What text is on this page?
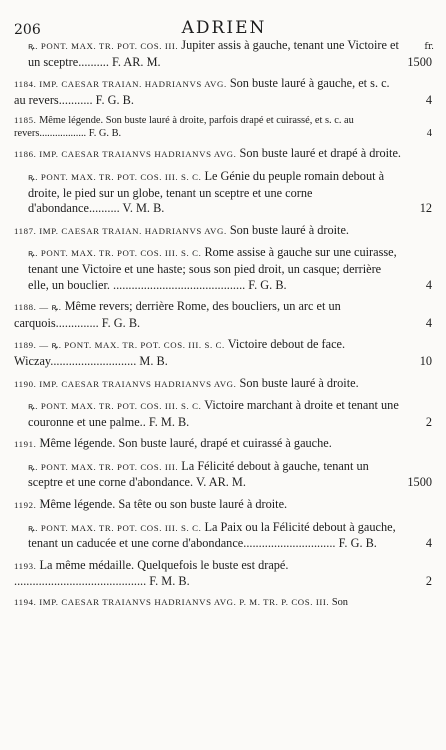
206	ADRIEN
fr.
ꝶ. PONT. MAX. TR. POT. COS. III. Jupiter assis à gauche, tenant une Victoire et un sceptre.......... F. AR. M.	1500
1184. IMP. CAESAR TRAIAN. HADRIANVS AVG. Son buste lauré à gauche, et s. c. au revers........... F. G. B.	4
1185. Même légende. Son buste lauré à droite, parfois drapé et cuirassé, et s. c. au revers.................. F. G. B.	4
1186. IMP. CAESAR TRAIANVS HADRIANVS AVG. Son buste lauré et drapé à droite.
ꝶ. PONT. MAX. TR. POT. COS. III. S. C. Le Génie du peuple romain debout à droite, le pied sur un globe, tenant un sceptre et une corne d'abondance.......... V. M. B.	12
1187. IMP. CAESAR TRAIAN. HADRIANVS AVG. Son buste lauré à droite.
ꝶ. PONT. MAX. TR. POT. COS. III. S. C. Rome assise à gauche sur une cuirasse, tenant une Victoire et une haste; sous son pied droit, un casque; derrière elle, un bouclier. ........................................... F. G. B.	4
1188. — ꝶ. Même revers; derrière Rome, des boucliers, un arc et un carquois.............. F. G. B.	4
1189. — ꝶ. PONT. MAX. TR. POT. COS. III. S. C. Victoire debout de face. Wiczay............................ M. B.	10
1190. IMP. CAESAR TRAIANVS HADRIANVS AVG. Son buste lauré à droite.
ꝶ. PONT. MAX. TR. POT. COS. III. S. C. Victoire marchant à droite et tenant une couronne et une palme.. F. M. B.	2
1191. Même légende. Son buste lauré, drapé et cuirassé à gauche.
ꝶ. PONT. MAX. TR. POT. COS. III. La Félicité debout à gauche, tenant un sceptre et une corne d'abondance. V. AR. M.	1500
1192. Même légende. Sa tête ou son buste lauré à droite.
ꝶ. PONT. MAX. TR. POT. COS. III. S. C. La Paix ou la Félicité debout à gauche, tenant un caducée et une corne d'abondance.............................. F. G. B.	4
1193. La même médaille. Quelquefois le buste est drapé. ........................................... F. M. B.	2
1194. IMP. CAESAR TRAIANVS HADRIANVS AVG. P. M. TR. P. COS. III. Son
